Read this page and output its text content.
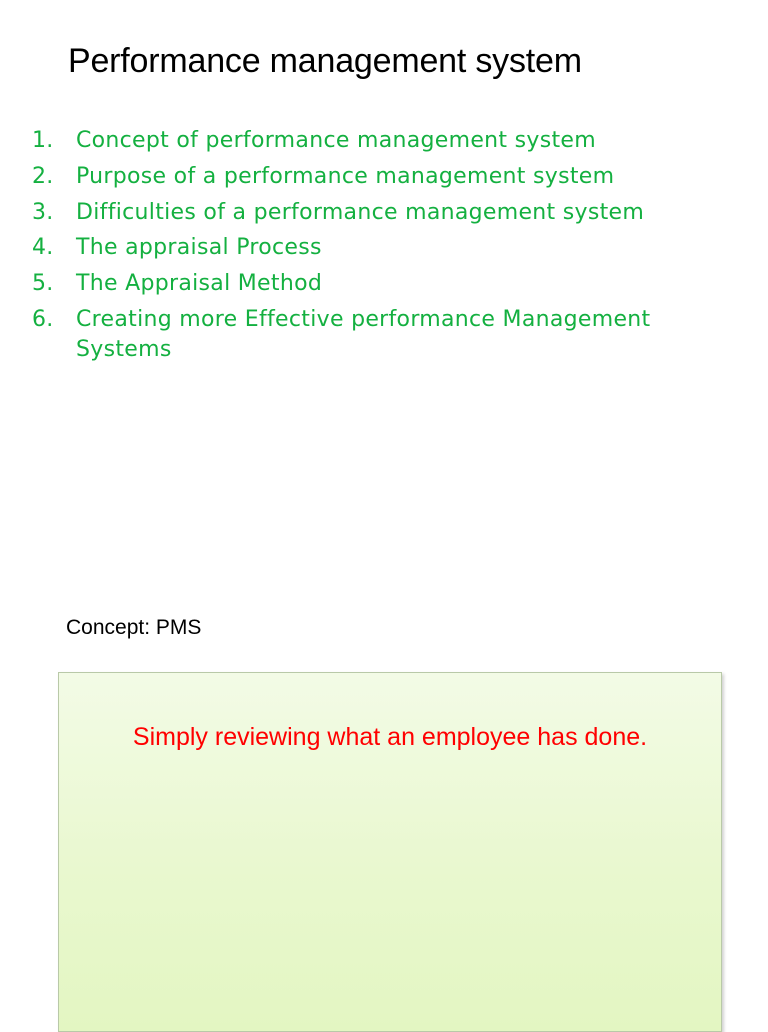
Performance management system
1.	Concept of performance management system
2.	Purpose of a performance management system
3.	Difficulties of a performance management system
4.	The appraisal Process
5.	The Appraisal Method
6.	Creating more Effective performance Management Systems
Concept: PMS
Simply reviewing what an employee has done.
